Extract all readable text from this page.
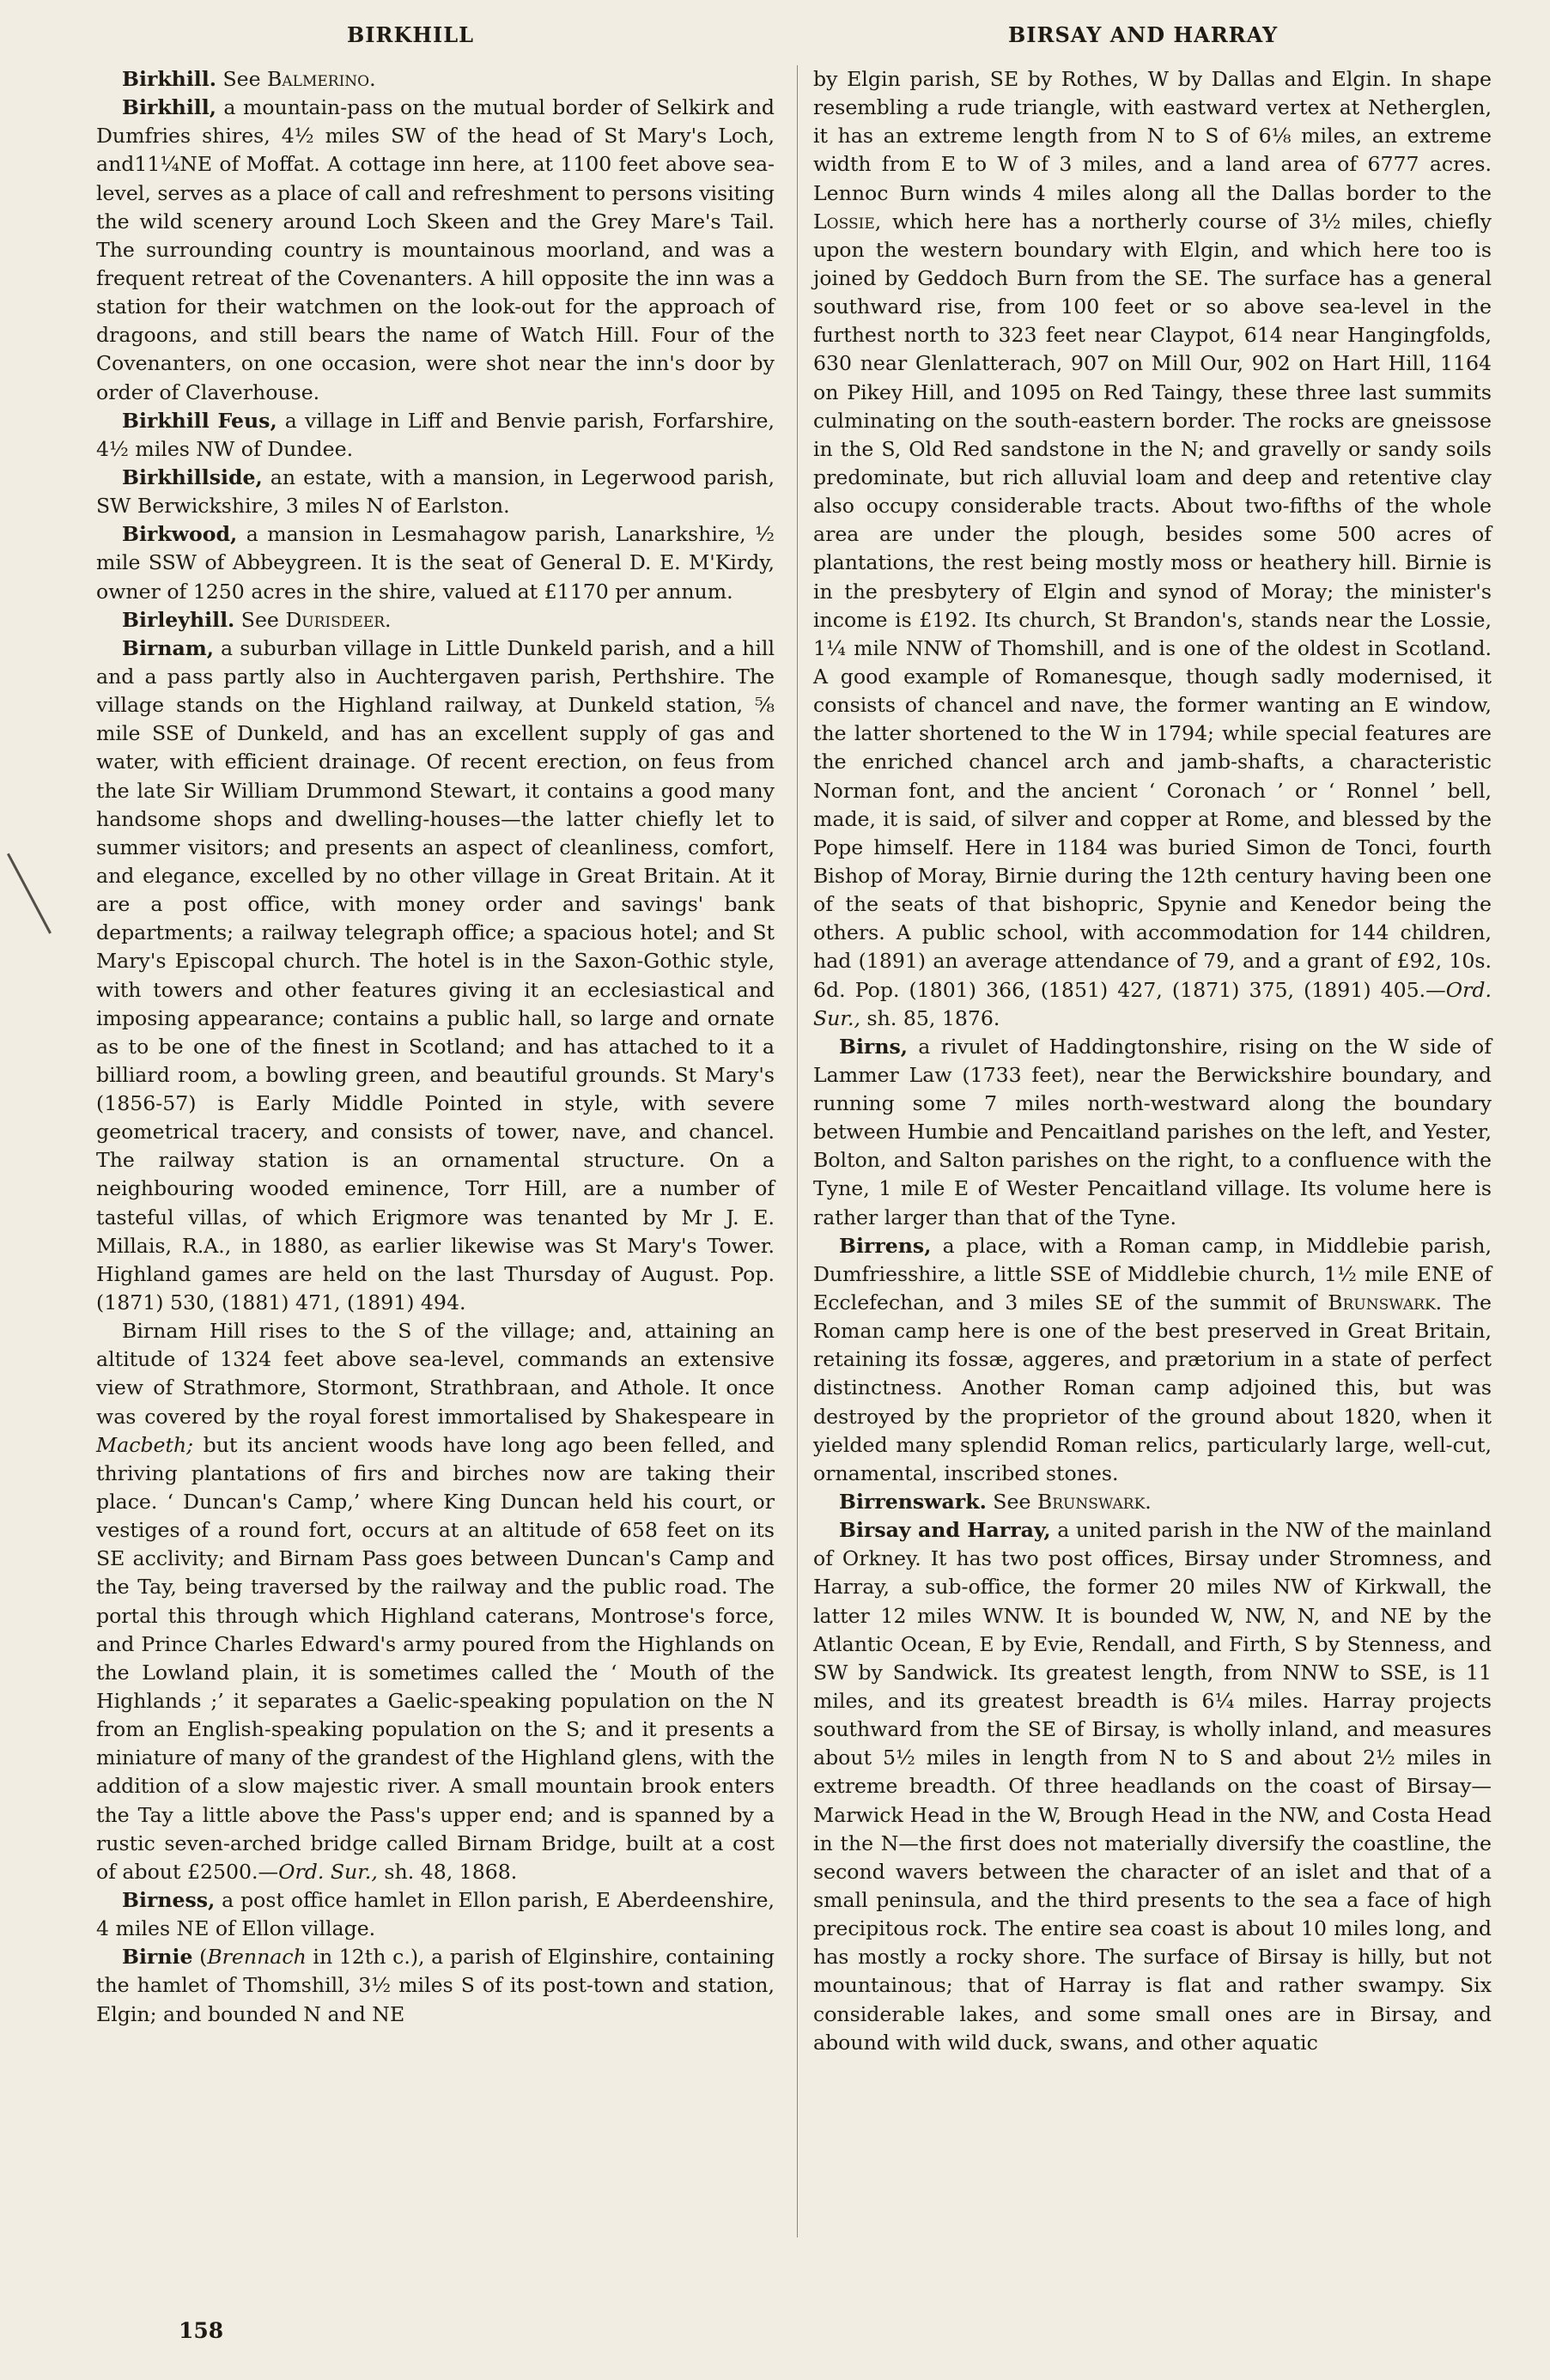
BIRKHILL	BIRSAY AND HARRAY

Birkhill. See Balmerino.

Birkhill, a mountain-pass on the mutual border of Selkirk and Dumfries shires, 4½ miles SW of the head of St Mary's Loch, and11¼NE of Moffat. A cottage inn here, at 1100 feet above sea-level, serves as a place of call and refreshment to persons visiting the wild scenery around Loch Skeen and the Grey Mare's Tail. The surrounding country is mountainous moorland, and was a frequent retreat of the Covenanters. A hill opposite the inn was a station for their watchmen on the look-out for the approach of dragoons, and still bears the name of Watch Hill. Four of the Covenanters, on one occasion, were shot near the inn's door by order of Claverhouse.

Birkhill Feus, a village in Liff and Benvie parish, Forfarshire, 4½ miles NW of Dundee.

Birkhillside, an estate, with a mansion, in Legerwood parish, SW Berwickshire, 3 miles N of Earlston.

Birkwood, a mansion in Lesmahagow parish, Lanarkshire, ½ mile SSW of Abbeygreen. It is the seat of General D. E. M'Kirdy, owner of 1250 acres in the shire, valued at £1170 per annum.

Birleyhill. See Durisdeer.

Birnam, a suburban village in Little Dunkeld parish, and a hill and a pass partly also in Auchtergaven parish, Perthshire. The village stands on the Highland railway, at Dunkeld station, ⅝ mile SSE of Dunkeld, and has an excellent supply of gas and water, with efficient drainage. Of recent erection, on feus from the late Sir William Drummond Stewart, it contains a good many handsome shops and dwelling-houses—the latter chiefly let to summer visitors; and presents an aspect of cleanliness, comfort, and elegance, excelled by no other village in Great Britain. At it are a post office, with money order and savings' bank departments; a railway telegraph office; a spacious hotel; and St Mary's Episcopal church. The hotel is in the Saxon-Gothic style, with towers and other features giving it an ecclesiastical and imposing appearance; contains a public hall, so large and ornate as to be one of the finest in Scotland; and has attached to it a billiard room, a bowling green, and beautiful grounds. St Mary's (1856-57) is Early Middle Pointed in style, with severe geometrical tracery, and consists of tower, nave, and chancel. The railway station is an ornamental structure. On a neighbouring wooded eminence, Torr Hill, are a number of tasteful villas, of which Erigmore was tenanted by Mr J. E. Millais, R.A., in 1880, as earlier likewise was St Mary's Tower. Highland games are held on the last Thursday of August. Pop. (1871) 530, (1881) 471, (1891) 494.

Birnam Hill rises to the S of the village; and, attaining an altitude of 1324 feet above sea-level, commands an extensive view of Strathmore, Stormont, Strathbraan, and Athole. It once was covered by the royal forest immortalised by Shakespeare in Macbeth; but its ancient woods have long ago been felled, and thriving plantations of firs and birches now are taking their place. ‘ Duncan's Camp,’ where King Duncan held his court, or vestiges of a round fort, occurs at an altitude of 658 feet on its SE acclivity; and Birnam Pass goes between Duncan's Camp and the Tay, being traversed by the railway and the public road. The portal this through which Highland caterans, Montrose's force, and Prince Charles Edward's army poured from the Highlands on the Lowland plain, it is sometimes called the ‘ Mouth of the Highlands ;’ it separates a Gaelic-speaking population on the N from an English-speaking population on the S; and it presents a miniature of many of the grandest of the Highland glens, with the addition of a slow majestic river. A small mountain brook enters the Tay a little above the Pass's upper end; and is spanned by a rustic seven-arched bridge called Birnam Bridge, built at a cost of about £2500.—Ord. Sur., sh. 48, 1868.

Birness, a post office hamlet in Ellon parish, E Aberdeenshire, 4 miles NE of Ellon village.

Birnie (Brennach in 12th c.), a parish of Elginshire, containing the hamlet of Thomshill, 3½ miles S of its post-town and station, Elgin; and bounded N and NE

by Elgin parish, SE by Rothes, W by Dallas and Elgin. In shape resembling a rude triangle, with eastward vertex at Netherglen, it has an extreme length from N to S of 6⅛ miles, an extreme width from E to W of 3 miles, and a land area of 6777 acres. Lennoc Burn winds 4 miles along all the Dallas border to the Lossie, which here has a northerly course of 3½ miles, chiefly upon the western boundary with Elgin, and which here too is joined by Geddoch Burn from the SE. The surface has a general southward rise, from 100 feet or so above sea-level in the furthest north to 323 feet near Claypot, 614 near Hangingfolds, 630 near Glenlatterach, 907 on Mill Our, 902 on Hart Hill, 1164 on Pikey Hill, and 1095 on Red Taingy, these three last summits culminating on the south-eastern border. The rocks are gneissose in the S, Old Red sandstone in the N; and gravelly or sandy soils predominate, but rich alluvial loam and deep and retentive clay also occupy considerable tracts. About two-fifths of the whole area are under the plough, besides some 500 acres of plantations, the rest being mostly moss or heathery hill. Birnie is in the presbytery of Elgin and synod of Moray; the minister's income is £192. Its church, St Brandon's, stands near the Lossie, 1¼ mile NNW of Thomshill, and is one of the oldest in Scotland. A good example of Romanesque, though sadly modernised, it consists of chancel and nave, the former wanting an E window, the latter shortened to the W in 1794; while special features are the enriched chancel arch and jamb-shafts, a characteristic Norman font, and the ancient ‘ Coronach ’ or ‘ Ronnel ’ bell, made, it is said, of silver and copper at Rome, and blessed by the Pope himself. Here in 1184 was buried Simon de Tonci, fourth Bishop of Moray, Birnie during the 12th century having been one of the seats of that bishopric, Spynie and Kenedor being the others. A public school, with accommodation for 144 children, had (1891) an average attendance of 79, and a grant of £92, 10s. 6d. Pop. (1801) 366, (1851) 427, (1871) 375, (1891) 405.—Ord. Sur., sh. 85, 1876.

Birns, a rivulet of Haddingtonshire, rising on the W side of Lammer Law (1733 feet), near the Berwickshire boundary, and running some 7 miles north-westward along the boundary between Humbie and Pencaitland parishes on the left, and Yester, Bolton, and Salton parishes on the right, to a confluence with the Tyne, 1 mile E of Wester Pencaitland village. Its volume here is rather larger than that of the Tyne.

Birrens, a place, with a Roman camp, in Middlebie parish, Dumfriesshire, a little SSE of Middlebie church, 1½ mile ENE of Ecclefechan, and 3 miles SE of the summit of Brunswark. The Roman camp here is one of the best preserved in Great Britain, retaining its fossæ, aggeres, and prætorium in a state of perfect distinctness. Another Roman camp adjoined this, but was destroyed by the proprietor of the ground about 1820, when it yielded many splendid Roman relics, particularly large, well-cut, ornamental, inscribed stones.

Birrenswark. See Brunswark.

Birsay and Harray, a united parish in the NW of the mainland of Orkney. It has two post offices, Birsay under Stromness, and Harray, a sub-office, the former 20 miles NW of Kirkwall, the latter 12 miles WNW. It is bounded W, NW, N, and NE by the Atlantic Ocean, E by Evie, Rendall, and Firth, S by Stenness, and SW by Sandwick. Its greatest length, from NNW to SSE, is 11 miles, and its greatest breadth is 6¼ miles. Harray projects southward from the SE of Birsay, is wholly inland, and measures about 5½ miles in length from N to S and about 2½ miles in extreme breadth. Of three headlands on the coast of Birsay—Marwick Head in the W, Brough Head in the NW, and Costa Head in the N—the first does not materially diversify the coastline, the second wavers between the character of an islet and that of a small peninsula, and the third presents to the sea a face of high precipitous rock. The entire sea coast is about 10 miles long, and has mostly a rocky shore. The surface of Birsay is hilly, but not mountainous; that of Harray is flat and rather swampy. Six considerable lakes, and some small ones are in Birsay, and abound with wild duck, swans, and other aquatic

158
